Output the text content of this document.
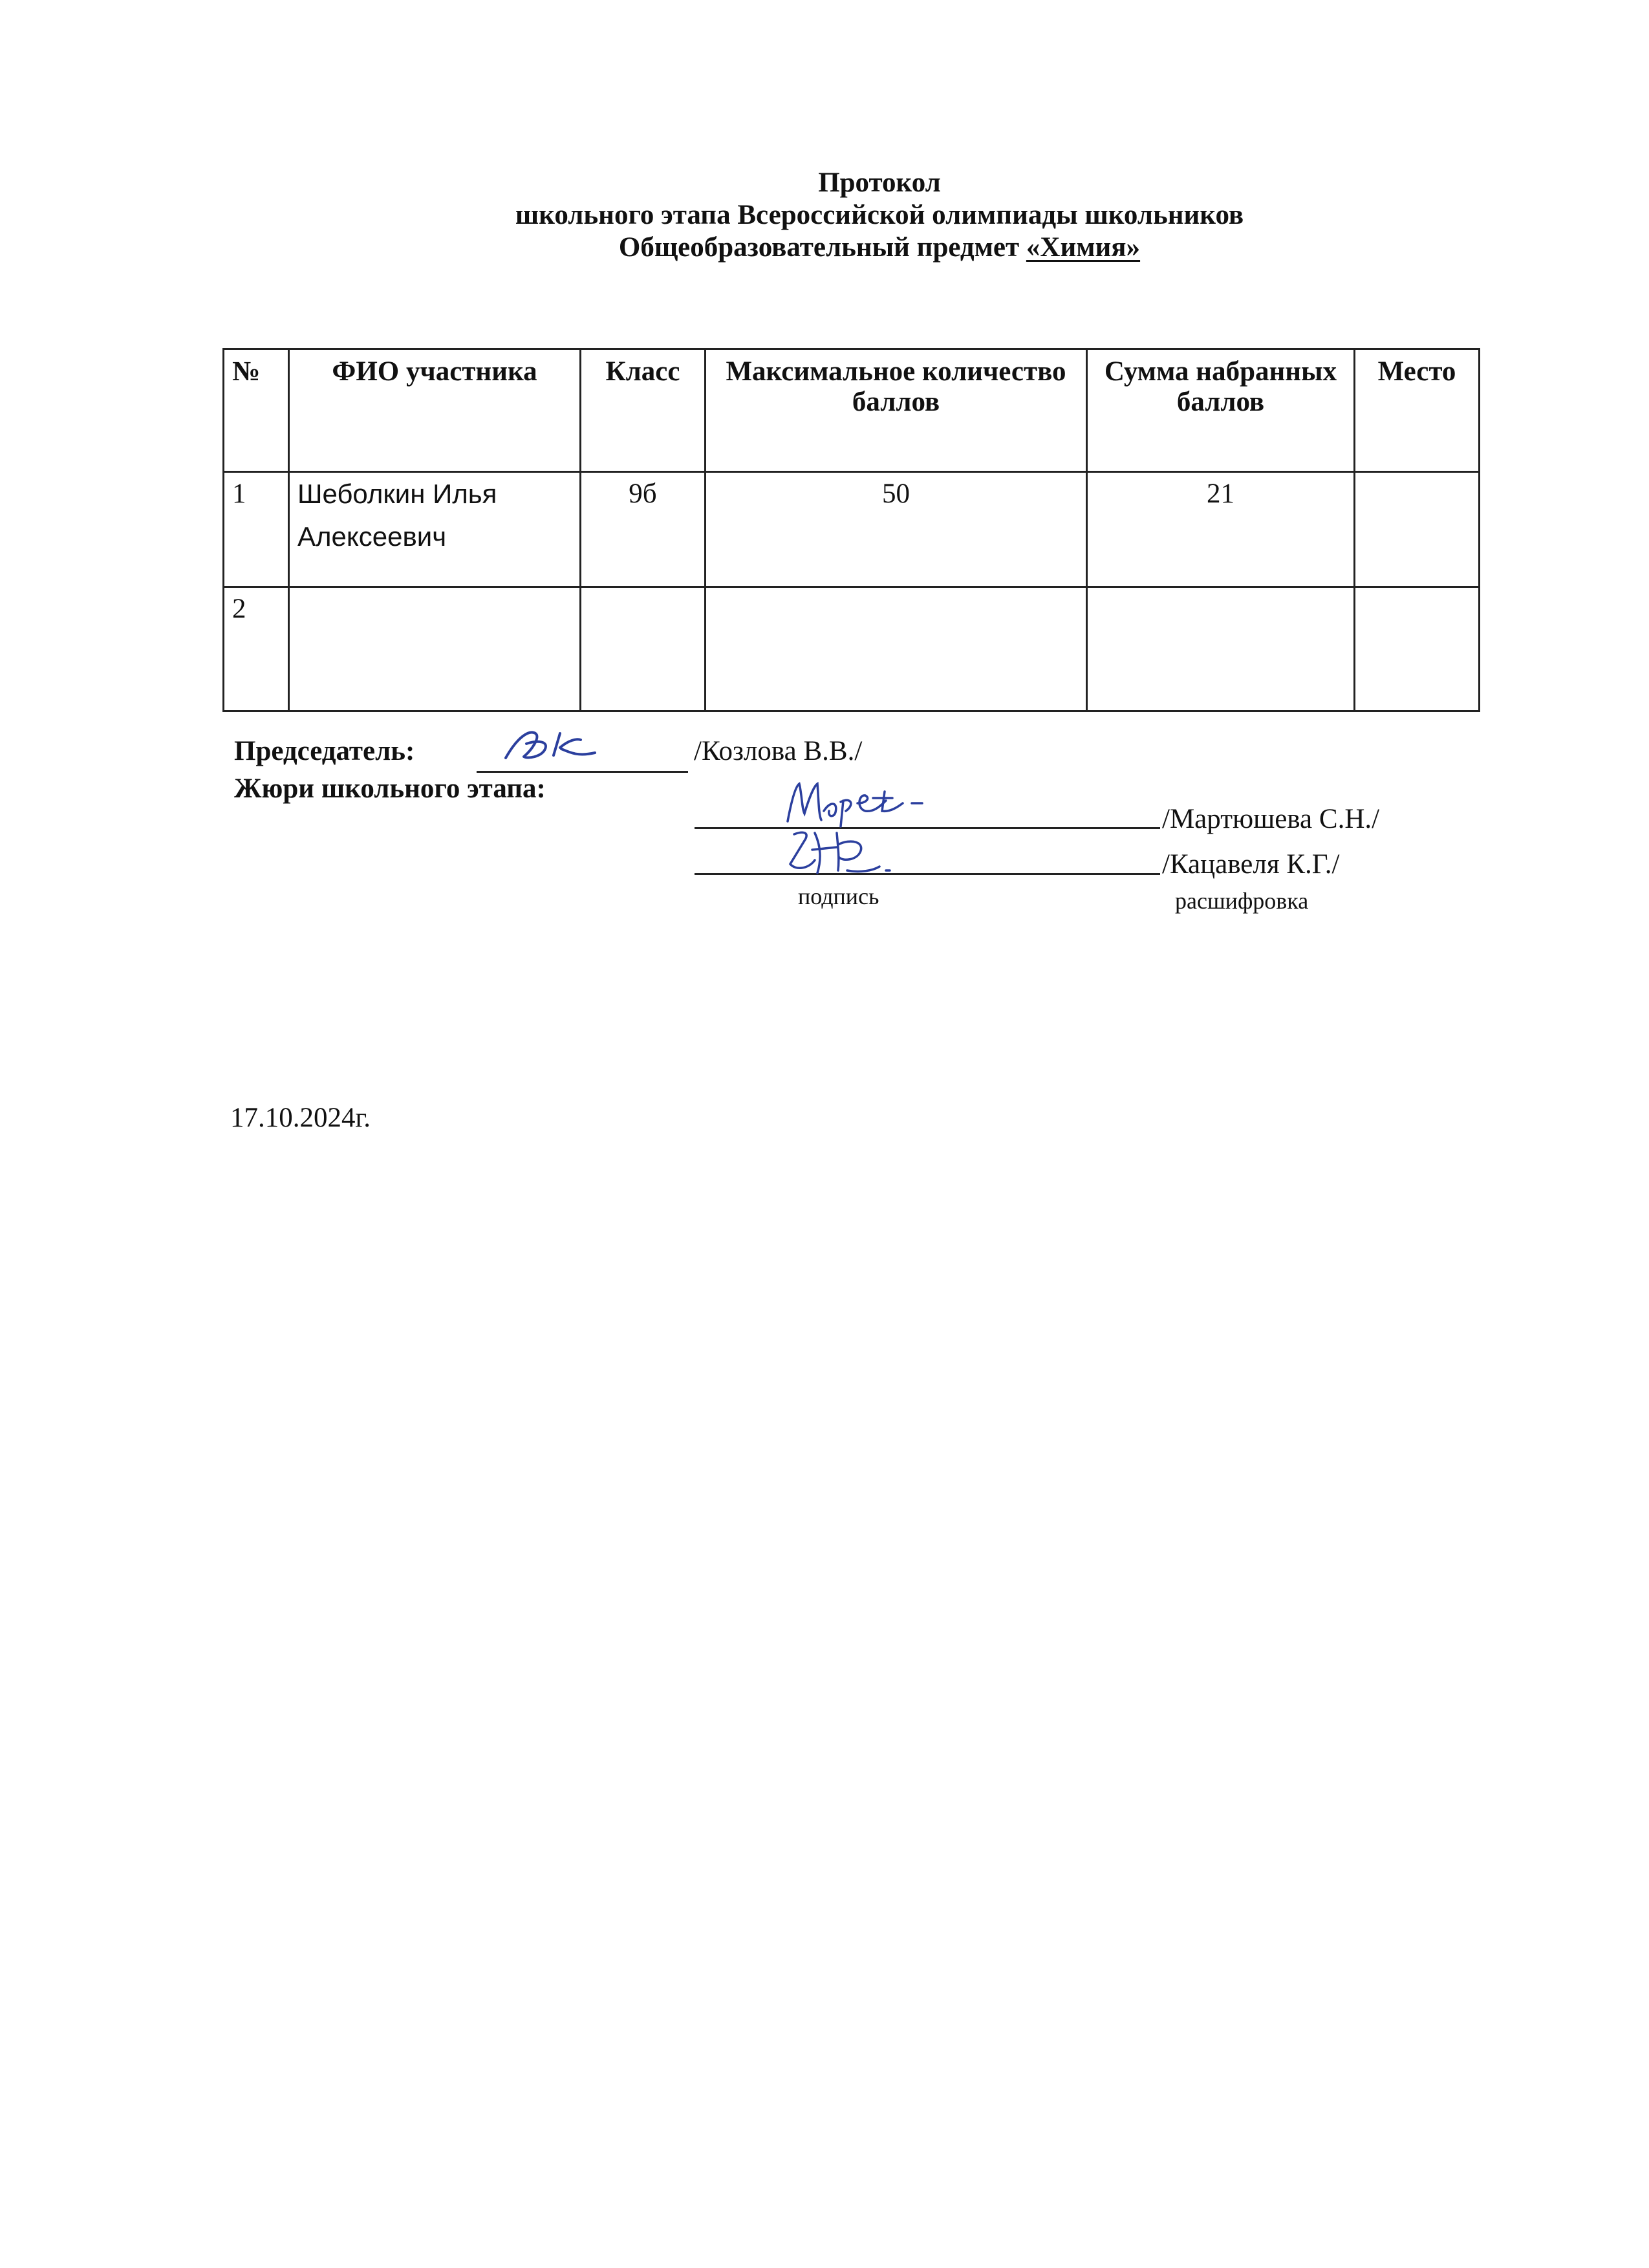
Протокол
школьного этапа Всероссийской олимпиады школьников
Общеобразовательный предмет «Химия»
№	ФИО участника	Класс	Максимальное количество баллов	Сумма набранных баллов	Место
1	Шеболкин Илья Алексеевич	9б	50	21	
2					
Председатель:	/Козлова В.В./
Жюри школьного этапа:
/Мартюшева С.Н./
/Кацавеля К.Г./
подпись	расшифровка
17.10.2024г.
